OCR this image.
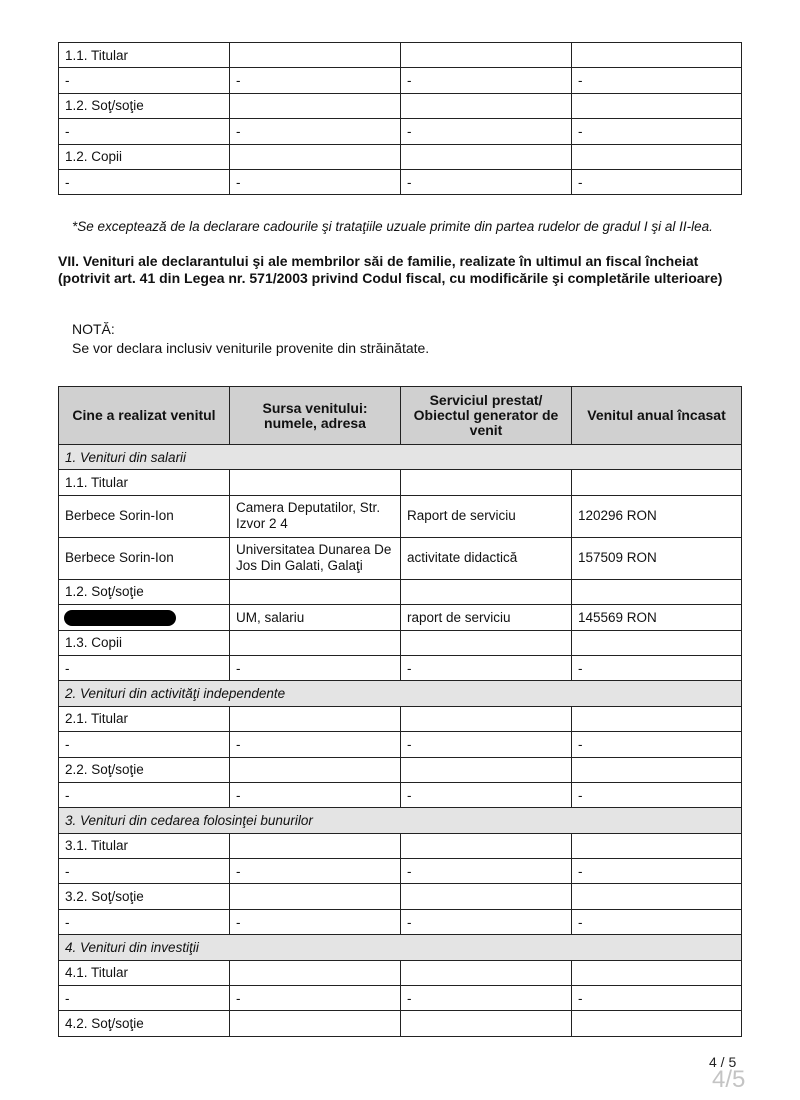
1.1. Titular			
-	-	-	-
1.2. Soţ/soţie			
-	-	-	-
1.2. Copii			
-	-	-	-
*Se exceptează de la declarare cadourile şi trataţiile uzuale primite din partea rudelor de gradul I şi al II-lea.
VII. Venituri ale declarantului şi ale membrilor săi de familie, realizate în ultimul an fiscal încheiat (potrivit art. 41 din Legea nr. 571/2003 privind Codul fiscal, cu modificările şi completările ulterioare)
NOTĂ:
Se vor declara inclusiv veniturile provenite din străinătate.
Cine a realizat venitul	Sursa venitului: numele, adresa	Serviciul prestat/ Obiectul generator de venit	Venitul anual încasat
1. Venituri din salarii			
1.1. Titular			
Berbece Sorin-Ion	Camera Deputatilor, Str. Izvor 2 4	Raport de serviciu	120296 RON
Berbece Sorin-Ion	Universitatea Dunarea De Jos Din Galati, Galaţi	activitate didactică	157509 RON
1.2. Soţ/soţie			
	UM, salariu	raport de serviciu	145569 RON
1.3. Copii			
-	-	-	-
2. Venituri din activităţi independente			
2.1. Titular			
-	-	-	-
2.2. Soţ/soţie			
-	-	-	-
3. Venituri din cedarea folosinţei bunurilor			
3.1. Titular			
-	-	-	-
3.2. Soţ/soţie			
-	-	-	-
4. Venituri din investiţii			
4.1. Titular			
-	-	-	-
4.2. Soţ/soţie			
4 / 5
4/5
